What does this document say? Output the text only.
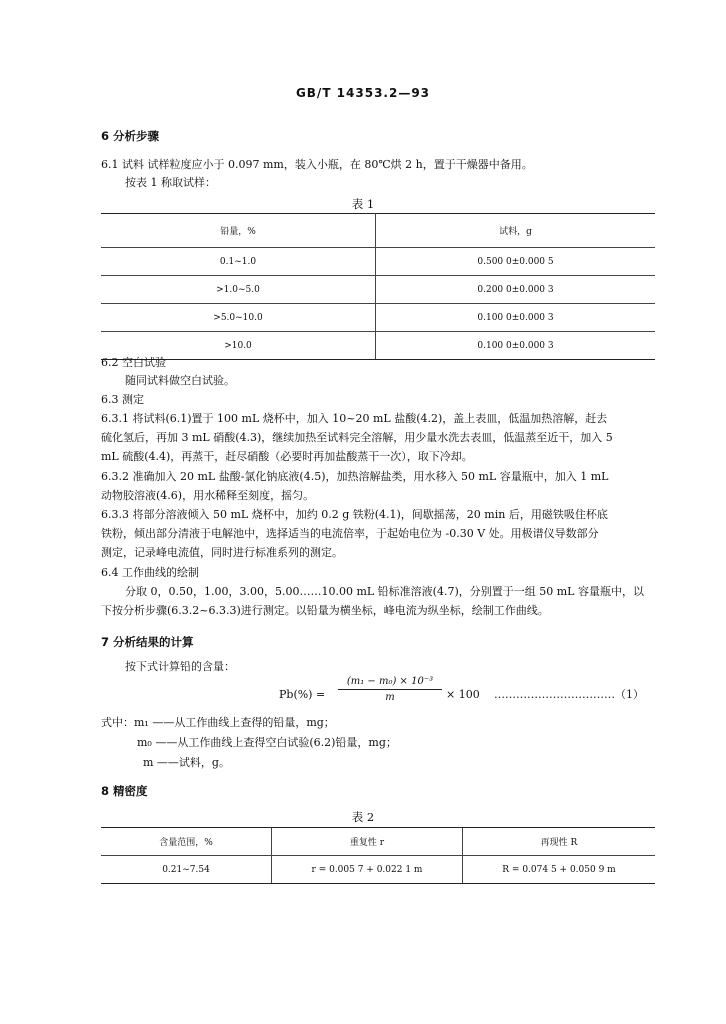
GB/T 14353.2—93
6 分析步骤
6.1 试料 试样粒度应小于 0.097 mm，装入小瓶，在 80℃烘 2 h，置于干燥器中备用。
按表 1 称取试样：
表 1
铅量，%	试料，g
0.1~1.0	0.500 0±0.000 5
>1.0~5.0	0.200 0±0.000 3
>5.0~10.0	0.100 0±0.000 3
>10.0	0.100 0±0.000 3
6.2 空白试验
随同试料做空白试验。
6.3 测定
6.3.1 将试料(6.1)置于 100 mL 烧杯中，加入 10~20 mL 盐酸(4.2)，盖上表皿，低温加热溶解，赶去
硫化氢后，再加 3 mL 硝酸(4.3)，继续加热至试料完全溶解，用少量水洗去表皿，低温蒸至近干，加入 5
mL 硫酸(4.4)，再蒸干，赶尽硝酸（必要时再加盐酸蒸干一次），取下冷却。
6.3.2 准确加入 20 mL 盐酸-氯化钠底液(4.5)，加热溶解盐类，用水移入 50 mL 容量瓶中，加入 1 mL
动物胶溶液(4.6)，用水稀释至刻度，摇匀。
6.3.3 将部分溶液倾入 50 mL 烧杯中，加约 0.2 g 铁粉(4.1)，间歇摇荡，20 min 后，用磁铁吸住杯底
铁粉，倾出部分清液于电解池中，选择适当的电流倍率，于起始电位为 -0.30 V 处。用极谱仪导数部分
测定，记录峰电流值，同时进行标准系列的测定。
6.4 工作曲线的绘制
分取 0，0.50，1.00，3.00，5.00……10.00 mL 铅标准溶液(4.7)，分别置于一组 50 mL 容量瓶中，以
下按分析步骤(6.3.2~6.3.3)进行测定。以铅量为横坐标，峰电流为纵坐标，绘制工作曲线。
7 分析结果的计算
按下式计算铅的含量：
Pb(%) =
(m₁ − m₀) × 10⁻³
m	× 100 ……………………………（1）
式中：m₁ ——从工作曲线上查得的铅量，mg；
m₀ ——从工作曲线上查得空白试验(6.2)铅量，mg；
m ——试料，g。
8 精密度
表 2
含量范围，%	重复性 r	再现性 R
0.21~7.54	r = 0.005 7 + 0.022 1 m	R = 0.074 5 + 0.050 9 m
